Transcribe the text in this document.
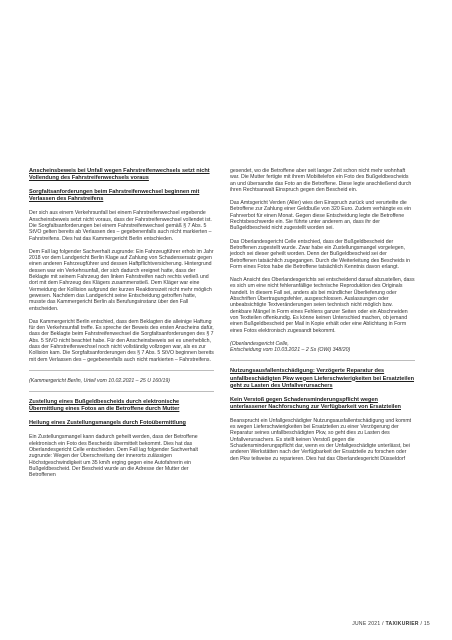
Anscheinsbeweis bei Unfall wegen Fahrstreifenwechsels setzt nicht Vollendung des Fahrstreifenwechsels voraus

Sorgfaltsanforderungen beim Fahrstreifenwechsel beginnen mit Verlassen des Fahrstreifens

Der sich aus einem Verkehrsunfall bei einem Fahrstreifenwechsel ergebende Anscheinsbeweis setzt nicht voraus, dass der Fahrstreifenwechsel vollendet ist. Die Sorgfaltsanforderungen bei einem Fahrstreifenwechsel gemäß § 7 Abs. 5 StVO gelten bereits ab Verlassen des – gegebenenfalls auch nicht markierten – Fahrstreifens. Dies hat das Kammergericht Berlin entschieden.

Dem Fall lag folgender Sachverhalt zugrunde: Ein Fahrzeugführer erhob im Jahr 2018 vor dem Landgericht Berlin Klage auf Zahlung von Schadensersatz gegen einen anderen Fahrzeugführer und dessen Haftpflichtversicherung. Hintergrund dessen war ein Verkehrsunfall, der sich dadurch ereignet hatte, dass der Beklagte mit seinem Fahrzeug den linken Fahrstreifen nach rechts verließ und dort mit dem Fahrzeug des Klägers zusammenstieß. Dem Kläger war eine Vermeidung der Kollision aufgrund der kurzen Reaktionszeit nicht mehr möglich gewesen. Nachdem das Landgericht seine Entscheidung getroffen hatte, musste das Kammergericht Berlin als Berufungsinstanz über den Fall entscheiden.

Das Kammergericht Berlin entschied, dass dem Beklagten die alleinige Haftung für den Verkehrsunfall treffe. Es spreche der Beweis des ersten Anscheins dafür, dass der Beklagte beim Fahrstreifenwechsel die Sorgfaltsanforderungen des § 7 Abs. 5 StVO nicht beachtet habe. Für den Anscheinsbeweis sei es unerheblich, dass der Fahrstreifenwechsel noch nicht vollständig vollzogen war, als es zur Kollision kam. Die Sorgfaltsanforderungen des § 7 Abs. 5 StVO beginnen bereits mit dem Verlassen des – gegebenenfalls auch nicht markierten – Fahrstreifens.

(Kammergericht Berlin, Urteil vom 10.02.2021 – 25 U 160/19)

Zustellung eines Bußgeldbescheids durch elektronische Übermittlung eines Fotos an die Betroffene durch Mutter

Heilung eines Zustellungsmangels durch Fotoübermittlung

Ein Zustellungsmangel kann dadurch geheilt werden, dass der Betroffene elektronisch ein Foto des Bescheids übermittelt bekommt. Dies hat das Oberlandesgericht Celle entschieden. Dem Fall lag folgender Sachverhalt zugrunde: Wegen der Überschreitung der innerorts zulässigen Höchstgeschwindigkeit um 35 km/h erging gegen eine Autofahrerin ein Bußgeldbescheid. Der Bescheid wurde an die Adresse der Mutter der Betroffenen

gesendet, wo die Betroffene aber seit langer Zeit schon nicht mehr wohnhaft war. Die Mutter fertigte mit ihrem Mobiltelefon ein Foto des Bußgeldbescheids an und übersandte das Foto an die Betroffene. Diese legte anschließend durch ihren Rechtsanwalt Einspruch gegen den Bescheid ein.

Das Amtsgericht Verden (Aller) wies den Einspruch zurück und verurteilte die Betroffene zur Zahlung einer Geldbuße von 320 Euro. Zudem verhängte es ein Fahrverbot für einen Monat. Gegen diese Entscheidung legte die Betroffene Rechtsbeschwerde ein. Sie führte unter anderem an, dass ihr der Bußgeldbescheid nicht zugestellt worden sei.

Das Oberlandesgericht Celle entschied, dass der Bußgeldbescheid der Betroffenen zugestellt wurde. Zwar habe ein Zustellungsmangel vorgelegen, jedoch sei dieser geheilt worden. Denn der Bußgeldbescheid sei der Betroffenen tatsächlich zugegangen. Durch die Weiterleitung des Bescheids in Form eines Fotos habe die Betroffene tatsächlich Kenntnis davon erlangt.

Nach Ansicht des Oberlandesgerichts sei entscheidend darauf abzustellen, dass es sich um eine nicht fehleranfällige technische Reproduktion des Originals handelt. In diesem Fall sei, anders als bei mündlicher Überlieferung oder Abschriften Übertragungsfehler, ausgeschlossen. Auslassungen oder unbeabsichtigte Textveränderungen seien technisch nicht möglich bzw. denkbare Mängel in Form eines Fehlens ganzer Seiten oder ein Abschneiden von Textteilen offenkundig. Es könne keinen Unterschied machen, ob jemand einen Bußgeldbescheid per Mail in Kopie erhält oder eine Ablichtung in Form eines Fotos elektronisch zugesandt bekommt.

(Oberlandesgericht Celle,

Entscheidung vom 10.03.2021 – 2 Ss (OWi) 348/20)

Nutzungsausfallentschädigung: Verzögerte Reparatur des unfallbeschädigten Pkw wegen Lieferschwierigkeiten bei Ersatzteilen geht zu Lasten des Unfallverursachers

Kein Verstoß gegen Schadensminderungspflicht wegen unterlassener Nachforschung zur Verfügbarkeit von Ersatzteilen

Beansprucht ein Unfallgeschädigter Nutzungsausfallentschädigung und kommt es wegen Lieferschwierigkeiten bei Ersatzteilen zu einer Verzögerung der Reparatur seines unfallbeschädigten Pkw, so geht dies zu Lasten des Unfallverursachers. Es stellt keinen Verstoß gegen die Schadensminderungspflicht dar, wenn es der Unfallgeschädigte unterlässt, bei anderen Werkstätten nach der Verfügbarkeit der Ersatzteile zu forschen oder den Pkw teilweise zu reparieren. Dies hat das Oberlandesgericht Düsseldorf

JUNE 2021 / TAXIKURIER / 15
